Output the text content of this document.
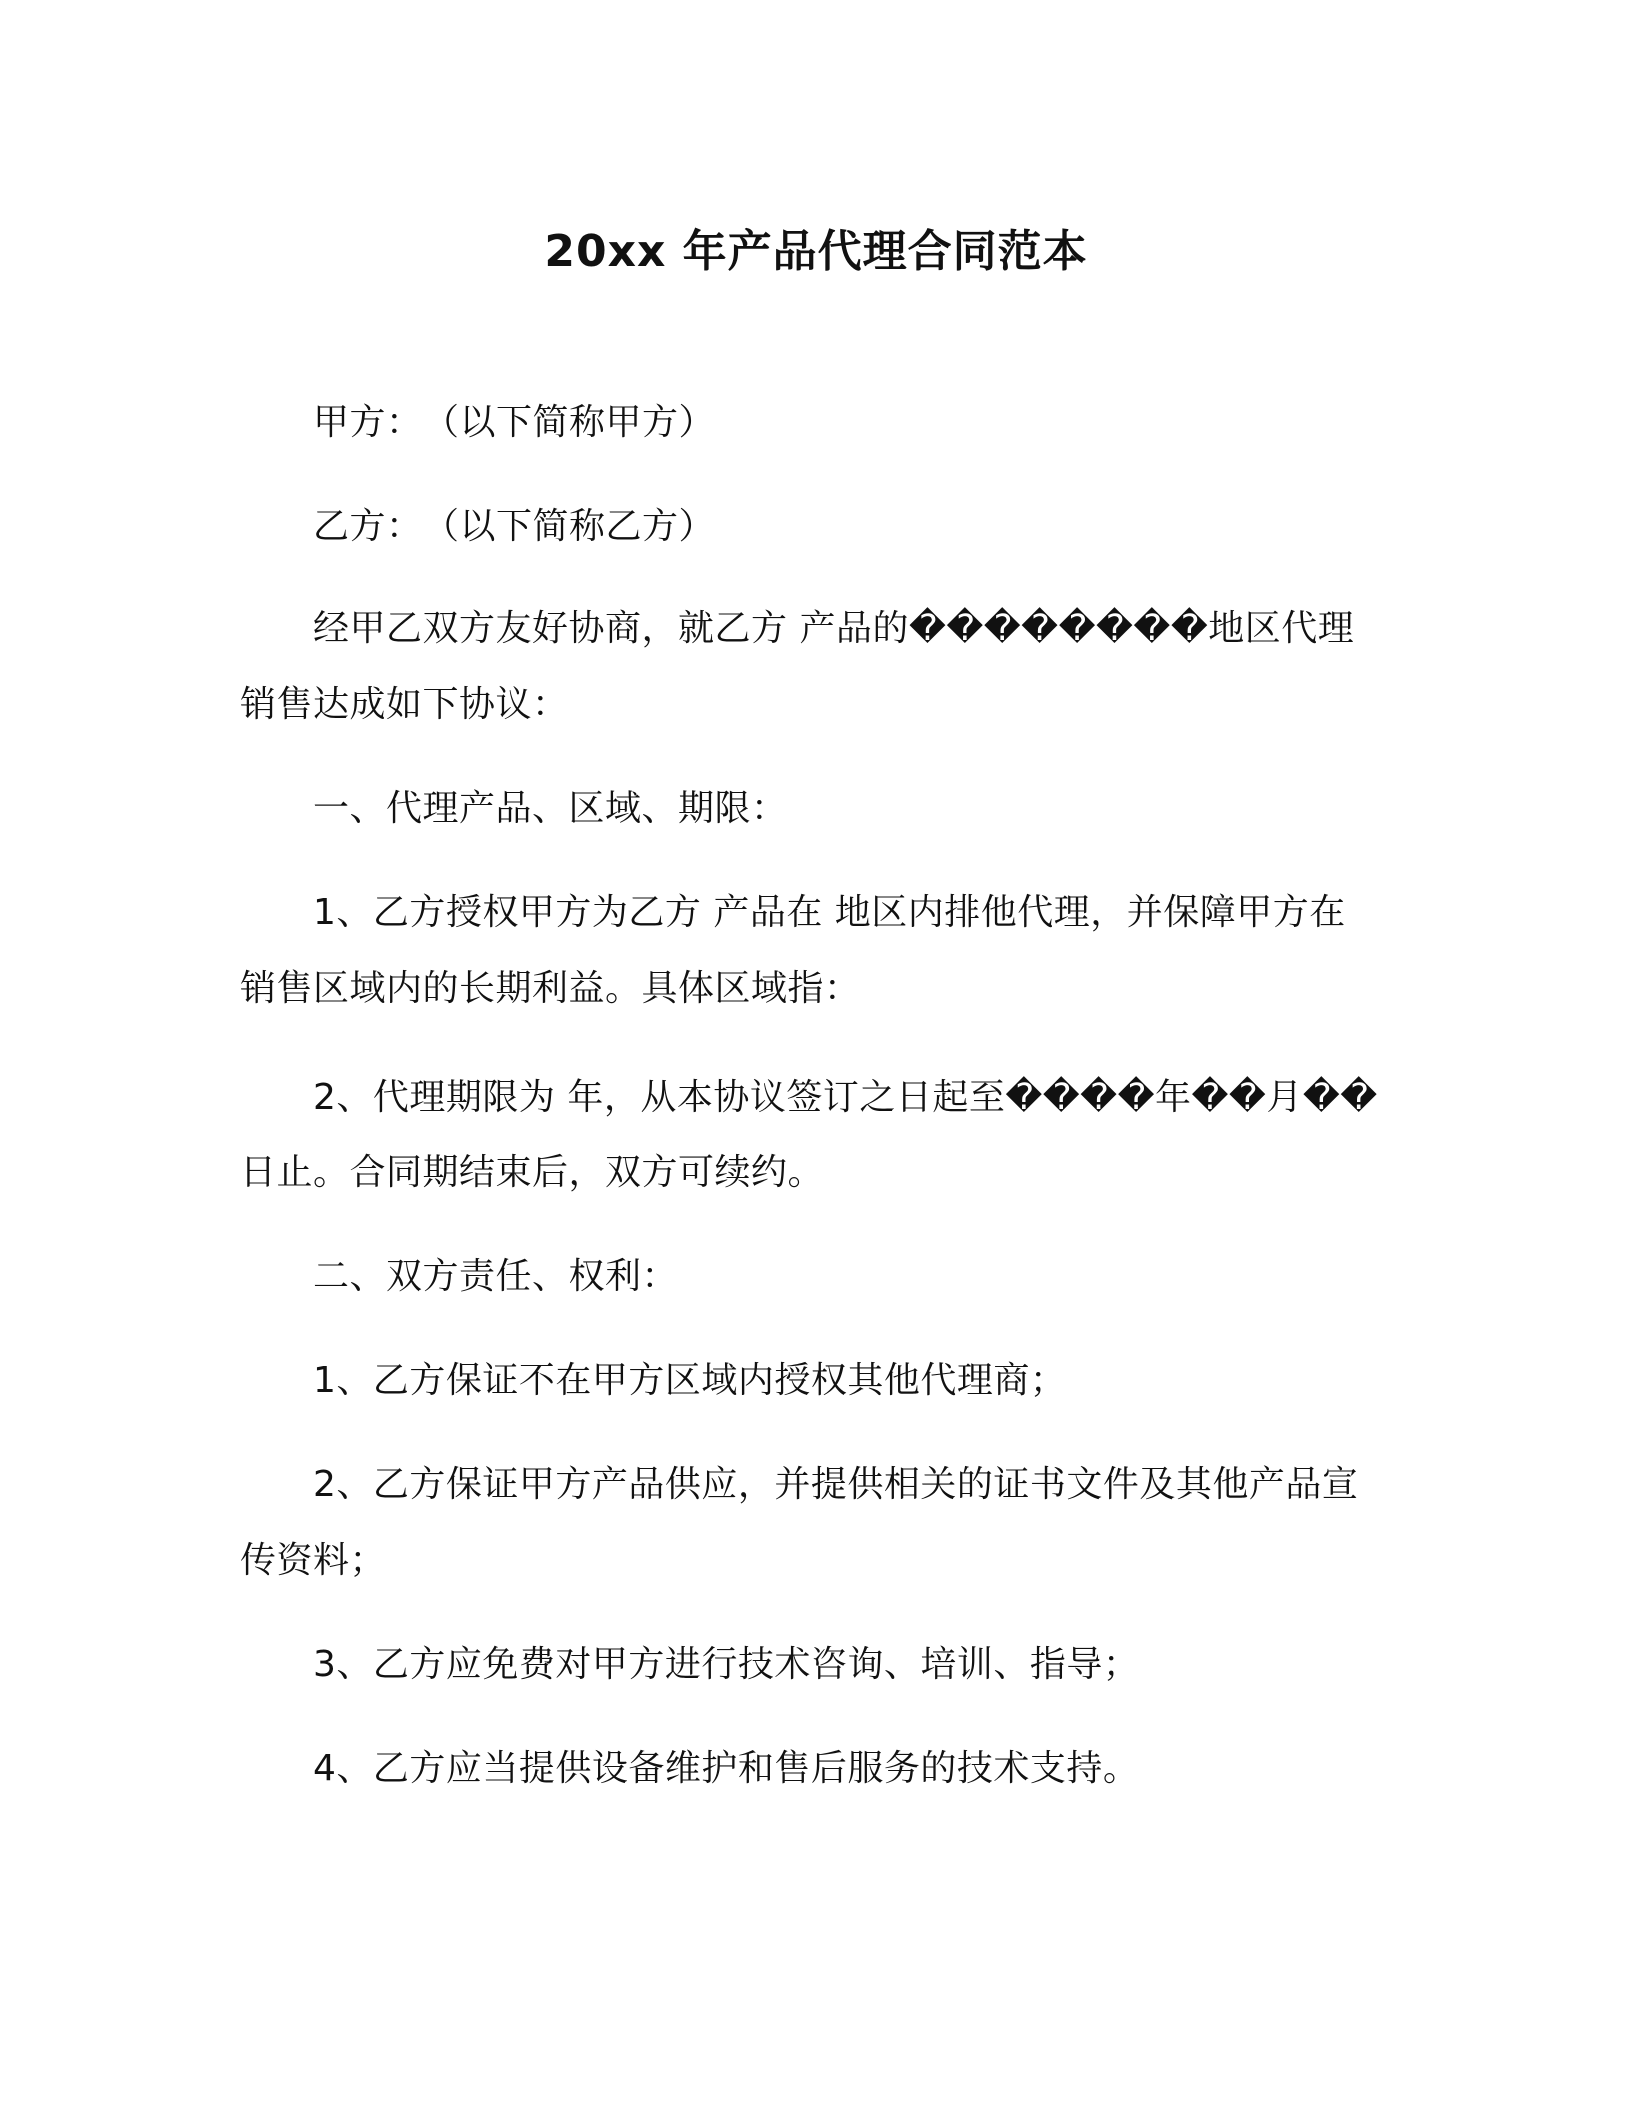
20xx 年产品代理合同范本
甲方：　（以下简称甲方）
乙方：　（以下简称乙方）
经甲乙双方友好协商，就乙方 产品的��������地区代理
销售达成如下协议：
一、代理产品、区域、期限：
1、乙方授权甲方为乙方 产品在 地区内排他代理，并保障甲方在
销售区域内的长期利益。具体区域指：
2、代理期限为 年，从本协议签订之日起至����年��月��
日止。合同期结束后，双方可续约。
二、双方责任、权利：
1、乙方保证不在甲方区域内授权其他代理商；
2、乙方保证甲方产品供应，并提供相关的证书文件及其他产品宣
传资料；
3、乙方应免费对甲方进行技术咨询、培训、指导；
4、乙方应当提供设备维护和售后服务的技术支持。
